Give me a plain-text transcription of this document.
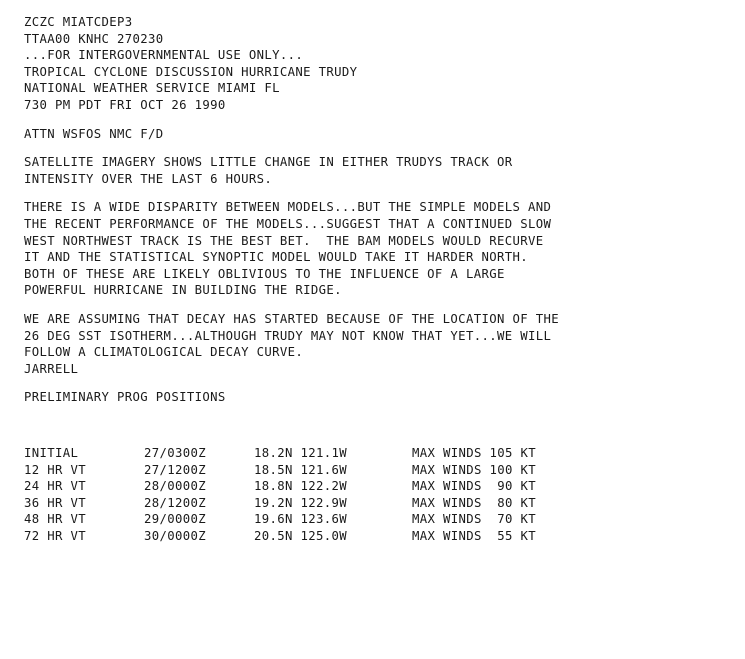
ZCZC MIATCDEP3
TTAA00 KNHC 270230
...FOR INTERGOVERNMENTAL USE ONLY...
TROPICAL CYCLONE DISCUSSION HURRICANE TRUDY
NATIONAL WEATHER SERVICE MIAMI FL
730 PM PDT FRI OCT 26 1990
ATTN WSFOS NMC F/D
SATELLITE IMAGERY SHOWS LITTLE CHANGE IN EITHER TRUDYS TRACK OR
INTENSITY OVER THE LAST 6 HOURS.
THERE IS A WIDE DISPARITY BETWEEN MODELS...BUT THE SIMPLE MODELS AND
THE RECENT PERFORMANCE OF THE MODELS...SUGGEST THAT A CONTINUED SLOW
WEST NORTHWEST TRACK IS THE BEST BET.  THE BAM MODELS WOULD RECURVE
IT AND THE STATISTICAL SYNOPTIC MODEL WOULD TAKE IT HARDER NORTH.
BOTH OF THESE ARE LIKELY OBLIVIOUS TO THE INFLUENCE OF A LARGE
POWERFUL HURRICANE IN BUILDING THE RIDGE.
WE ARE ASSUMING THAT DECAY HAS STARTED BECAUSE OF THE LOCATION OF THE
26 DEG SST ISOTHERM...ALTHOUGH TRUDY MAY NOT KNOW THAT YET...WE WILL
FOLLOW A CLIMATOLOGICAL DECAY CURVE.
JARRELL
PRELIMINARY PROG POSITIONS
INITIAL	27/0300Z	18.2N 121.1W	MAX WINDS 105 KT
12 HR VT	27/1200Z	18.5N 121.6W	MAX WINDS 100 KT
24 HR VT	28/0000Z	18.8N 122.2W	MAX WINDS  90 KT
36 HR VT	28/1200Z	19.2N 122.9W	MAX WINDS  80 KT
48 HR VT	29/0000Z	19.6N 123.6W	MAX WINDS  70 KT
72 HR VT	30/0000Z	20.5N 125.0W	MAX WINDS  55 KT
